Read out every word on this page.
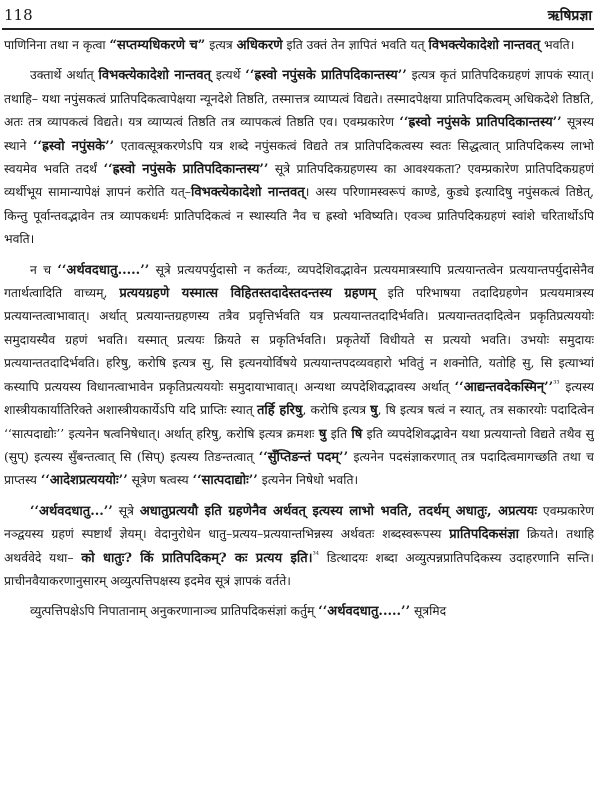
118	ऋषिप्रज्ञा

पाणिनिना तथा न कृत्वा “सप्तम्यधिकरणे च” इत्यत्र अधिकरणे इति उक्तं तेन ज्ञापितं भवति यत् विभक्त्येकादेशो नान्तवत् भवति।

उक्तार्थे अर्थात् विभक्त्येकादेशो नान्तवत् इत्यर्थे ‘‘ह्रस्वो नपुंसके प्रातिपदिकान्तस्य’’ इत्यत्र कृतं प्रातिपदिकग्रहणं ज्ञापकं स्यात्। तथाहि– यथा नपुंसकत्वं प्रातिपदिकत्वापेक्षया न्यूनदेशे तिष्ठति, तस्मात्तत्र व्याप्यत्वं विद्यते। तस्मादपेक्षया प्रातिपदिकत्वम् अधिकदेशे तिष्ठति, अतः तत्र व्यापकत्वं विद्यते। यत्र व्याप्यत्वं तिष्ठति तत्र व्यापकत्वं तिष्ठति एव। एवम्प्रकारेण ‘‘ह्रस्वो नपुंसके प्रातिपदिकान्तस्य’’ सूत्रस्य स्थाने ‘‘ह्रस्वो नपुंसके’’ एतावत्सूत्रकरणेऽपि यत्र शब्दे नपुंसकत्वं विद्यते तत्र प्रातिपदिकत्वस्य स्वतः सिद्धत्वात् प्रातिपदिकस्य लाभो स्वयमेव भवति तदर्थं ‘‘ह्रस्वो नपुंसके प्रातिपदिकान्तस्य’’ सूत्रे प्रातिपदिकग्रहणस्य का आवश्यकता? एवम्प्रकारेण प्रातिपदिकग्रहणं व्यर्थीभूय सामान्यापेक्षं ज्ञापनं करोति यत्–विभक्त्येकादेशो नान्तवत्। अस्य परिणामस्वरूपं काण्डे, कुड्ये इत्यादिषु नपुंसकत्वं तिष्ठेत्, किन्तु पूर्वान्तवद्भावेन तत्र व्यापकधर्मः प्रातिपदिकत्वं न स्थास्यति नैव च ह्रस्वो भविष्यति। एवञ्च प्रातिपदिकग्रहणं स्वांशे चरितार्थोऽपि भवति।

न च ‘‘अर्थवदधातु.....’’ सूत्रे प्रत्ययपर्युदासो न कर्तव्यः, व्यपदेशिवद्भावेन प्रत्ययमात्रस्यापि प्रत्ययान्तत्वेन प्रत्ययान्तपर्युदासेनैव गतार्थत्वादिति वाच्यम्, प्रत्ययग्रहणे यस्मात्स विहितस्तदादेस्तदन्तस्य ग्रहणम् इति परिभाषया तदादिग्रहणेन प्रत्ययमात्रस्य प्रत्ययान्तत्वाभावात्। अर्थात् प्रत्ययान्तग्रहणस्य तत्रैव प्रवृत्तिर्भवति यत्र प्रत्ययान्ततदादिर्भवति। प्रत्ययान्ततदादित्वेन प्रकृतिप्रत्यययोः समुदायस्यैव ग्रहणं भवति। यस्मात् प्रत्ययः क्रियते स प्रकृतिर्भवति। प्रकृतेर्यो विधीयते स प्रत्ययो भवति। उभयोः समुदायः प्रत्ययान्ततदादिर्भवति। हरिषु, करोषि इत्यत्र सु, सि इत्यनयोर्विषये प्रत्ययान्तपदव्यवहारो भवितुं न शक्नोति, यतोहि सु, सि इत्याभ्यां कस्यापि प्रत्ययस्य विधानत्वाभावेन प्रकृतिप्रत्यययोः समुदायाभावात्। अन्यथा व्यपदेशिवद्भावस्य अर्थात् ‘‘आद्यन्तवदेकस्मिन्’’$^{^{33}}$ इत्यस्य शास्त्रीयकार्यातिरिक्ते अशास्त्रीयकार्येऽपि यदि प्राप्तिः स्यात् तर्हि हरिषु, करोषि इत्यत्र षु, षि इत्यत्र षत्वं न स्यात्, तत्र सकारयोः पदादित्वेन ‘‘सात्पदाद्योः’’ इत्यनेन षत्वनिषेधात्। अर्थात् हरिषु, करोषि इत्यत्र क्रमशः षु इति षि इति व्यपदेशिवद्भावेन यथा प्रत्ययान्तो विद्यते तथैव सु (सुप्) इत्यस्य सुँबन्तत्वात् सि (सिप्) इत्यस्य तिङन्तत्वात् ‘‘सुँप्तिङन्तं पदम्’’ इत्यनेन पदसंज्ञाकरणात् तत्र पदादित्वमागच्छति तथा च प्राप्तस्य ‘‘आदेशप्रत्यययोः’’ सूत्रेण षत्वस्य ‘‘सात्पदाद्योः’’ इत्यनेन निषेधो भवति।

‘‘अर्थवदधातु...’’ सूत्रे अधातुप्रत्ययौ इति ग्रहणेनैव अर्थवत् इत्यस्य लाभो भवति, तदर्थम् अधातुः, अप्रत्ययः एवम्प्रकारेण नञ्द्वयस्य ग्रहणं स्पष्टार्थं ज्ञेयम्। वेदानुरोधेन धातु–प्रत्यय–प्रत्ययान्तभिन्नस्य अर्थवतः शब्दस्वरूपस्य प्रातिपदिकसंज्ञा क्रियते। तथाहि अथर्ववेदे यथा– को धातुः? किं प्रातिपदिकम्? कः प्रत्यय इति।$^{^{34}}$ डित्थादयः शब्दा अव्युत्पन्नप्रातिपदिकस्य उदाहरणानि सन्ति। प्राचीनवैयाकरणानुसारम् अव्युत्पत्तिपक्षस्य इदमेव सूत्रं ज्ञापकं वर्तते।

व्युत्पत्तिपक्षेऽपि निपातानाम् अनुकरणानाञ्च प्रातिपदिकसंज्ञां कर्तुम् ‘‘अर्थवदधातु.....’’ सूत्रमिद
